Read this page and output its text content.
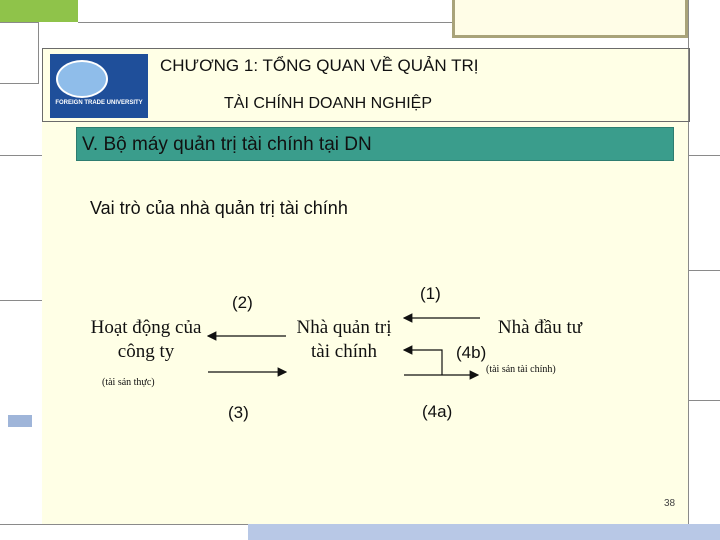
FOREIGN TRADE UNIVERSITY
CHƯƠNG 1: TỔNG QUAN VỀ QUẢN TRỊ
TÀI CHÍNH DOANH NGHIỆP
V. Bộ máy quản trị tài chính tại DN
Vai trò của nhà quản trị tài chính
Hoạt động của công ty
(tài sản thực)
Nhà quản trị tài chính
Nhà đầu tư
(tài sản tài chính)
(1)
(2)
(3)	(4a)
(4b)
38
